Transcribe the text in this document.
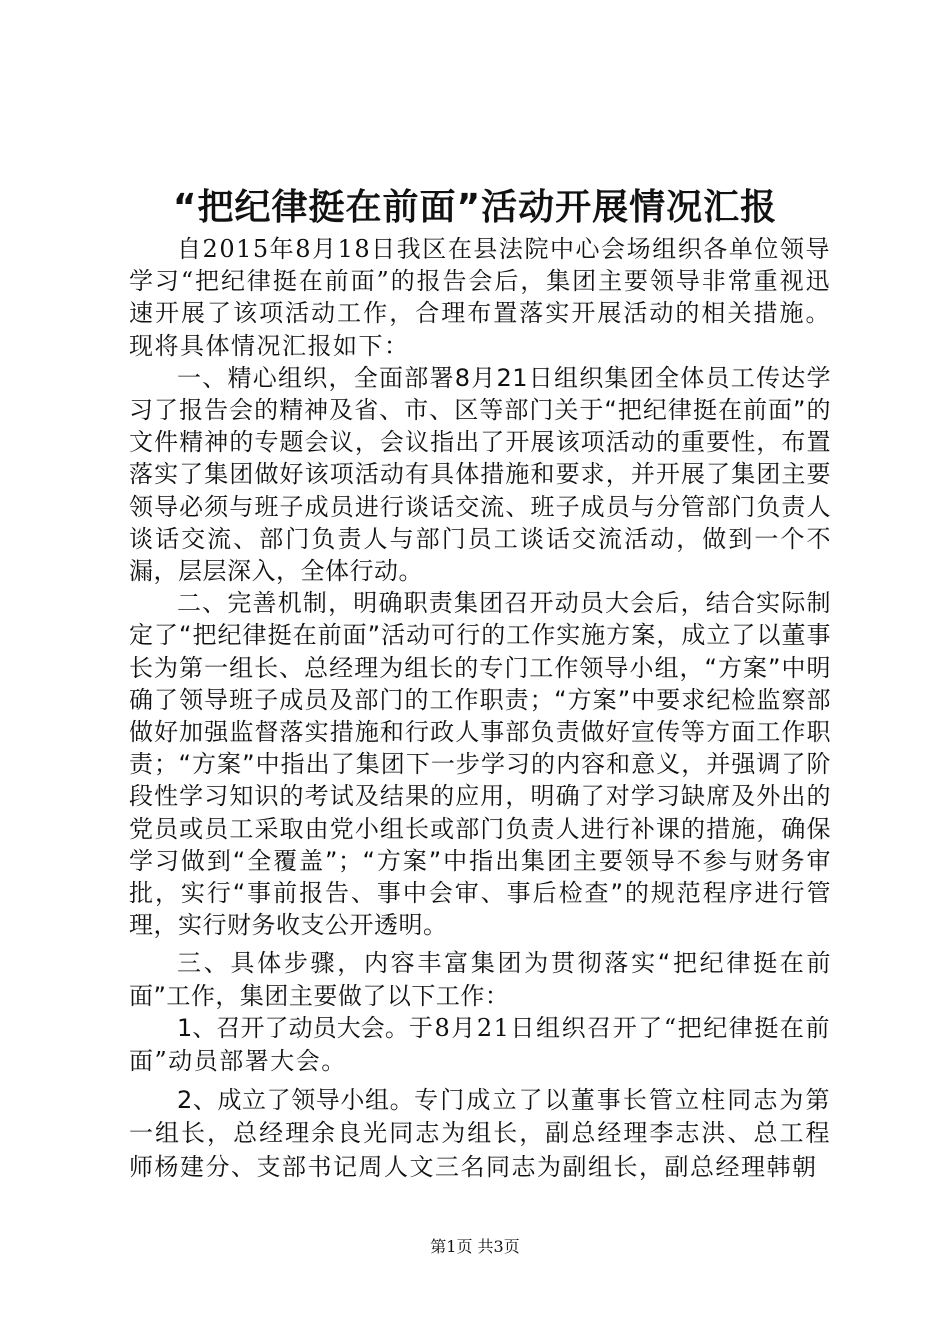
“把纪律挺在前面”活动开展情况汇报

自2015年8月18日我区在县法院中心会场组织各单位领导学习“把纪律挺在前面”的报告会后，集团主要领导非常重视迅速开展了该项活动工作，合理布置落实开展活动的相关措施。现将具体情况汇报如下：

一、精心组织，全面部署8月21日组织集团全体员工传达学习了报告会的精神及省、市、区等部门关于“把纪律挺在前面”的文件精神的专题会议，会议指出了开展该项活动的重要性，布置落实了集团做好该项活动有具体措施和要求，并开展了集团主要领导必须与班子成员进行谈话交流、班子成员与分管部门负责人谈话交流、部门负责人与部门员工谈话交流活动，做到一个不漏，层层深入，全体行动。

二、完善机制，明确职责集团召开动员大会后，结合实际制定了“把纪律挺在前面”活动可行的工作实施方案，成立了以董事长为第一组长、总经理为组长的专门工作领导小组，“方案”中明确了领导班子成员及部门的工作职责；“方案”中要求纪检监察部做好加强监督落实措施和行政人事部负责做好宣传等方面工作职责；“方案”中指出了集团下一步学习的内容和意义，并强调了阶段性学习知识的考试及结果的应用，明确了对学习缺席及外出的党员或员工采取由党小组长或部门负责人进行补课的措施，确保学习做到“全覆盖”；“方案”中指出集团主要领导不参与财务审批，实行“事前报告、事中会审、事后检查”的规范程序进行管理，实行财务收支公开透明。

三、具体步骤，内容丰富集团为贯彻落实“把纪律挺在前面”工作，集团主要做了以下工作：

1、召开了动员大会。于8月21日组织召开了“把纪律挺在前面”动员部署大会。

2、成立了领导小组。专门成立了以董事长管立柱同志为第一组长，总经理余良光同志为组长，副总经理李志洪、总工程师杨建分、支部书记周人文三名同志为副组长，副总经理韩朝

第1页 共3页
